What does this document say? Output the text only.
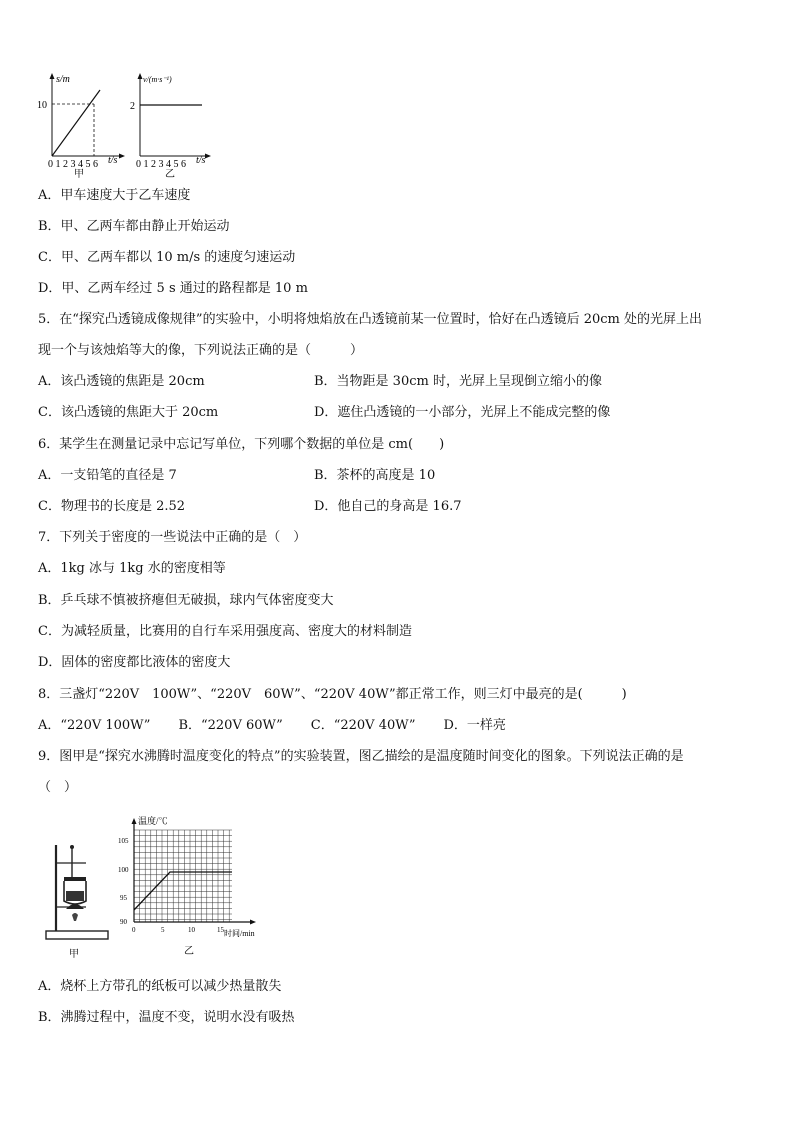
s/m
10
0 1 2 3 4 5 6 t/s
甲
v/(m·s⁻¹)
2
0 1 2 3 4 5 6 t/s
乙
A．甲车速度大于乙车速度
B．甲、乙两车都由静止开始运动
C．甲、乙两车都以 10 m/s 的速度匀速运动
D．甲、乙两车经过 5 s 通过的路程都是 10 m
5．在“探究凸透镜成像规律”的实验中，小明将烛焰放在凸透镜前某一位置时，恰好在凸透镜后 20cm 处的光屏上出
现一个与该烛焰等大的像，下列说法正确的是（　　　）
A．该凸透镜的焦距是 20cm	B．当物距是 30cm 时，光屏上呈现倒立缩小的像
C．该凸透镜的焦距大于 20cm	D．遮住凸透镜的一小部分，光屏上不能成完整的像
6．某学生在测量记录中忘记写单位，下列哪个数据的单位是 cm(　　)
A．一支铅笔的直径是 7	B．茶杯的高度是 10
C．物理书的长度是 2.52	D．他自己的身高是 16.7
7．下列关于密度的一些说法中正确的是（　）
A．1kg 冰与 1kg 水的密度相等
B．乒乓球不慎被挤瘪但无破损，球内气体密度变大
C．为减轻质量，比赛用的自行车采用强度高、密度大的材料制造
D．固体的密度都比液体的密度大
8．三盏灯“220V　100W”、“220V　60W”、“220V 40W”都正常工作，则三灯中最亮的是(　　　)
A．“220V 100W” B．“220V 60W” C．“220V 40W” D．一样亮
9．图甲是“探究水沸腾时温度变化的特点”的实验装置，图乙描绘的是温度随时间变化的图象。下列说法正确的是
（　）
甲
温度/℃
105
100
95
90
0	5	10	15 时间/min
乙
A．烧杯上方带孔的纸板可以减少热量散失
B．沸腾过程中，温度不变，说明水没有吸热
